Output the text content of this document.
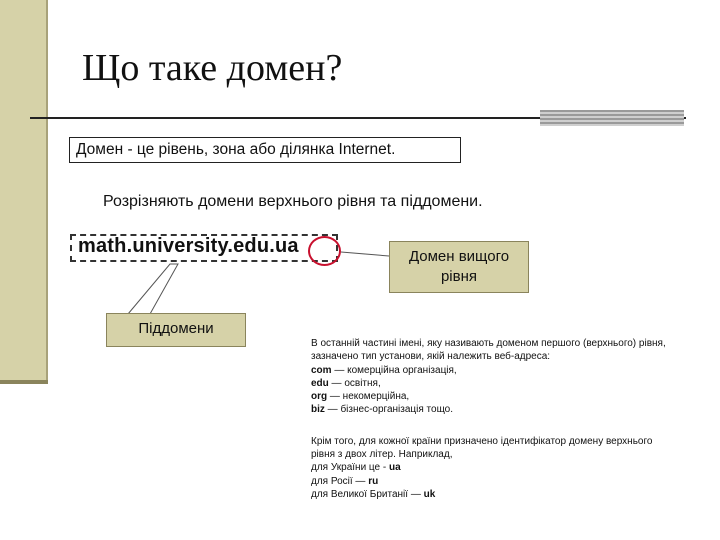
Що таке домен?
Домен - це рівень, зона або ділянка Internet.
Розрізняють домени верхнього рівня та піддомени.
math.university.edu.ua	Домен вищого рівня
Піддомени

В останній частині імені, яку називають доменом першого (верхнього) рівня, зазначено тип установи, якій належить веб-адреса:

com — комерційна організація,

edu — освітня,

org — некомерційна,

biz — бізнес-організація тощо.

Крім того, для кожної країни призначено ідентифікатор домену верхнього рівня з двох літер. Наприклад,

для України це - ua

для Росії — ru

для Великої Британії — uk
